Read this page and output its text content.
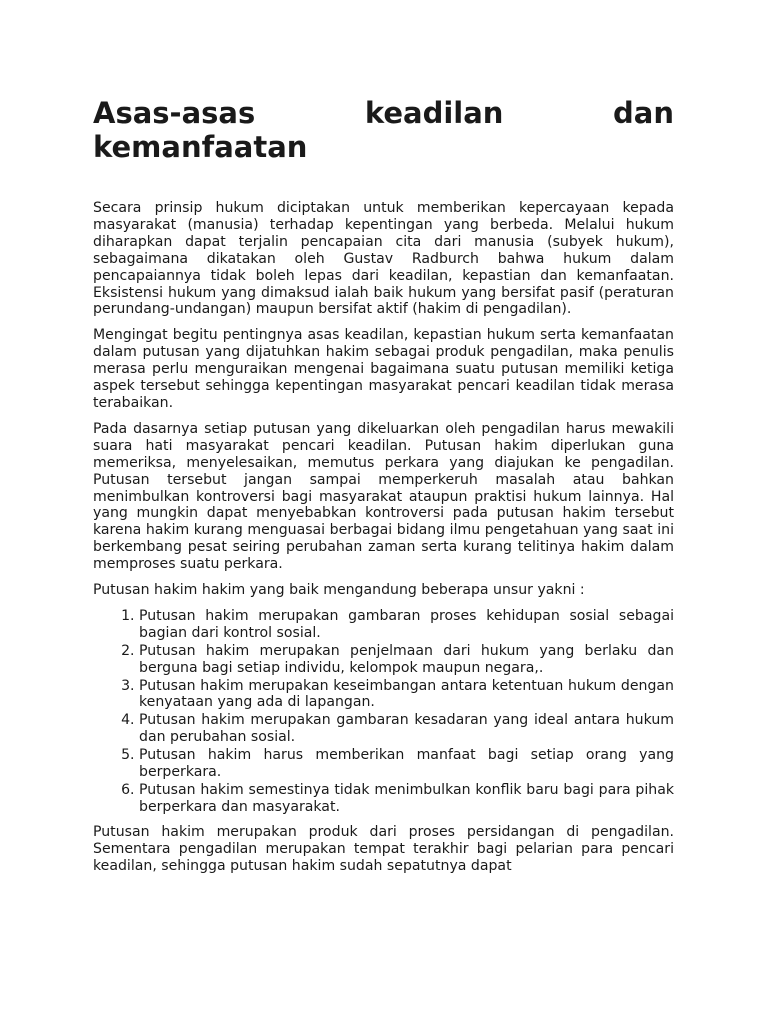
Asas-asas keadilan dan
kemanfaatan

Secara prinsip hukum diciptakan untuk memberikan kepercayaan kepada masyarakat (manusia) terhadap kepentingan yang berbeda. Melalui hukum diharapkan dapat terjalin pencapaian cita dari manusia (subyek hukum), sebagaimana dikatakan oleh Gustav Radburch bahwa hukum dalam pencapaiannya tidak boleh lepas dari keadilan, kepastian dan kemanfaatan. Eksistensi hukum yang dimaksud ialah baik hukum yang bersifat pasif (peraturan perundang-undangan) maupun bersifat aktif (hakim di pengadilan).

Mengingat begitu pentingnya asas keadilan, kepastian hukum serta kemanfaatan dalam putusan yang dijatuhkan hakim sebagai produk pengadilan, maka penulis merasa perlu menguraikan mengenai bagaimana suatu putusan memiliki ketiga aspek tersebut sehingga kepentingan masyarakat pencari keadilan tidak merasa terabaikan.

Pada dasarnya setiap putusan yang dikeluarkan oleh pengadilan harus mewakili suara hati masyarakat pencari keadilan. Putusan hakim diperlukan guna memeriksa, menyelesaikan, memutus perkara yang diajukan ke pengadilan. Putusan tersebut jangan sampai memperkeruh masalah atau bahkan menimbulkan kontroversi bagi masyarakat ataupun praktisi hukum lainnya. Hal yang mungkin dapat menyebabkan kontroversi pada putusan hakim tersebut karena hakim kurang menguasai berbagai bidang ilmu pengetahuan yang saat ini berkembang pesat seiring perubahan zaman serta kurang telitinya hakim dalam memproses suatu perkara.

Putusan hakim hakim yang baik mengandung beberapa unsur yakni :

1. Putusan hakim merupakan gambaran proses kehidupan sosial sebagai bagian dari kontrol sosial.
2. Putusan hakim merupakan penjelmaan dari hukum yang berlaku dan berguna bagi setiap individu, kelompok maupun negara,.
3. Putusan hakim merupakan keseimbangan antara ketentuan hukum dengan kenyataan yang ada di lapangan.
4. Putusan hakim merupakan gambaran kesadaran yang ideal antara hukum dan perubahan sosial.
5. Putusan hakim harus memberikan manfaat bagi setiap orang yang berperkara.
6. Putusan hakim semestinya tidak menimbulkan konflik baru bagi para pihak berperkara dan masyarakat.

Putusan hakim merupakan produk dari proses persidangan di pengadilan. Sementara pengadilan merupakan tempat terakhir bagi pelarian para pencari keadilan, sehingga putusan hakim sudah sepatutnya dapat
